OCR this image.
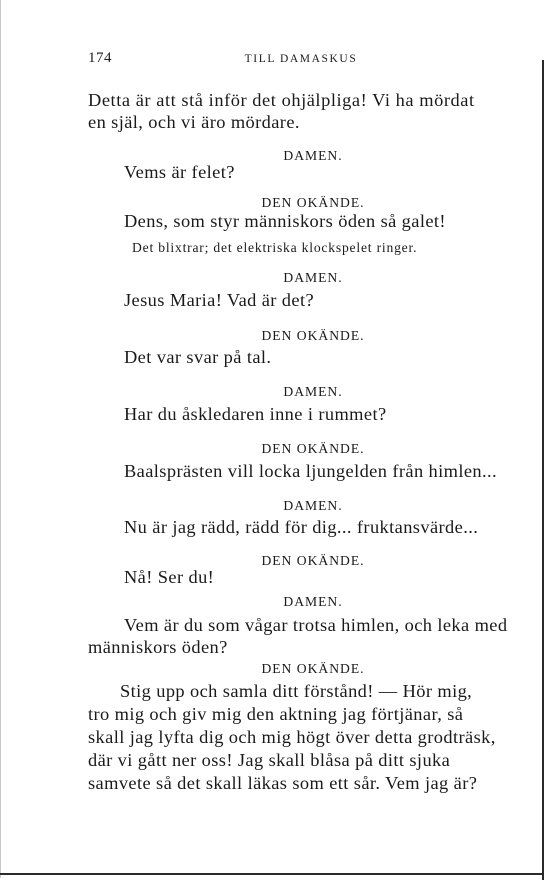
174	TILL DAMASKUS
Detta är att stå inför det ohjälpliga! Vi ha mördat
en själ, och vi äro mördare.
DAMEN.
Vems är felet?
DEN OKÄNDE.
Dens, som styr människors öden så galet!
Det blixtrar; det elektriska klockspelet ringer.
DAMEN.
Jesus Maria! Vad är det?
DEN OKÄNDE.
Det var svar på tal.
DAMEN.
Har du åskledaren inne i rummet?
DEN OKÄNDE.
Baalsprästen vill locka ljungelden från himlen...
DAMEN.
Nu är jag rädd, rädd för dig... fruktansvärde...
DEN OKÄNDE.
Nå! Ser du!
DAMEN.
Vem är du som vågar trotsa himlen, och leka med
människors öden?
DEN OKÄNDE.
Stig upp och samla ditt förstånd! — Hör mig,
tro mig och giv mig den aktning jag förtjänar, så
skall jag lyfta dig och mig högt över detta grodträsk,
där vi gått ner oss! Jag skall blåsa på ditt sjuka
samvete så det skall läkas som ett sår. Vem jag är?
